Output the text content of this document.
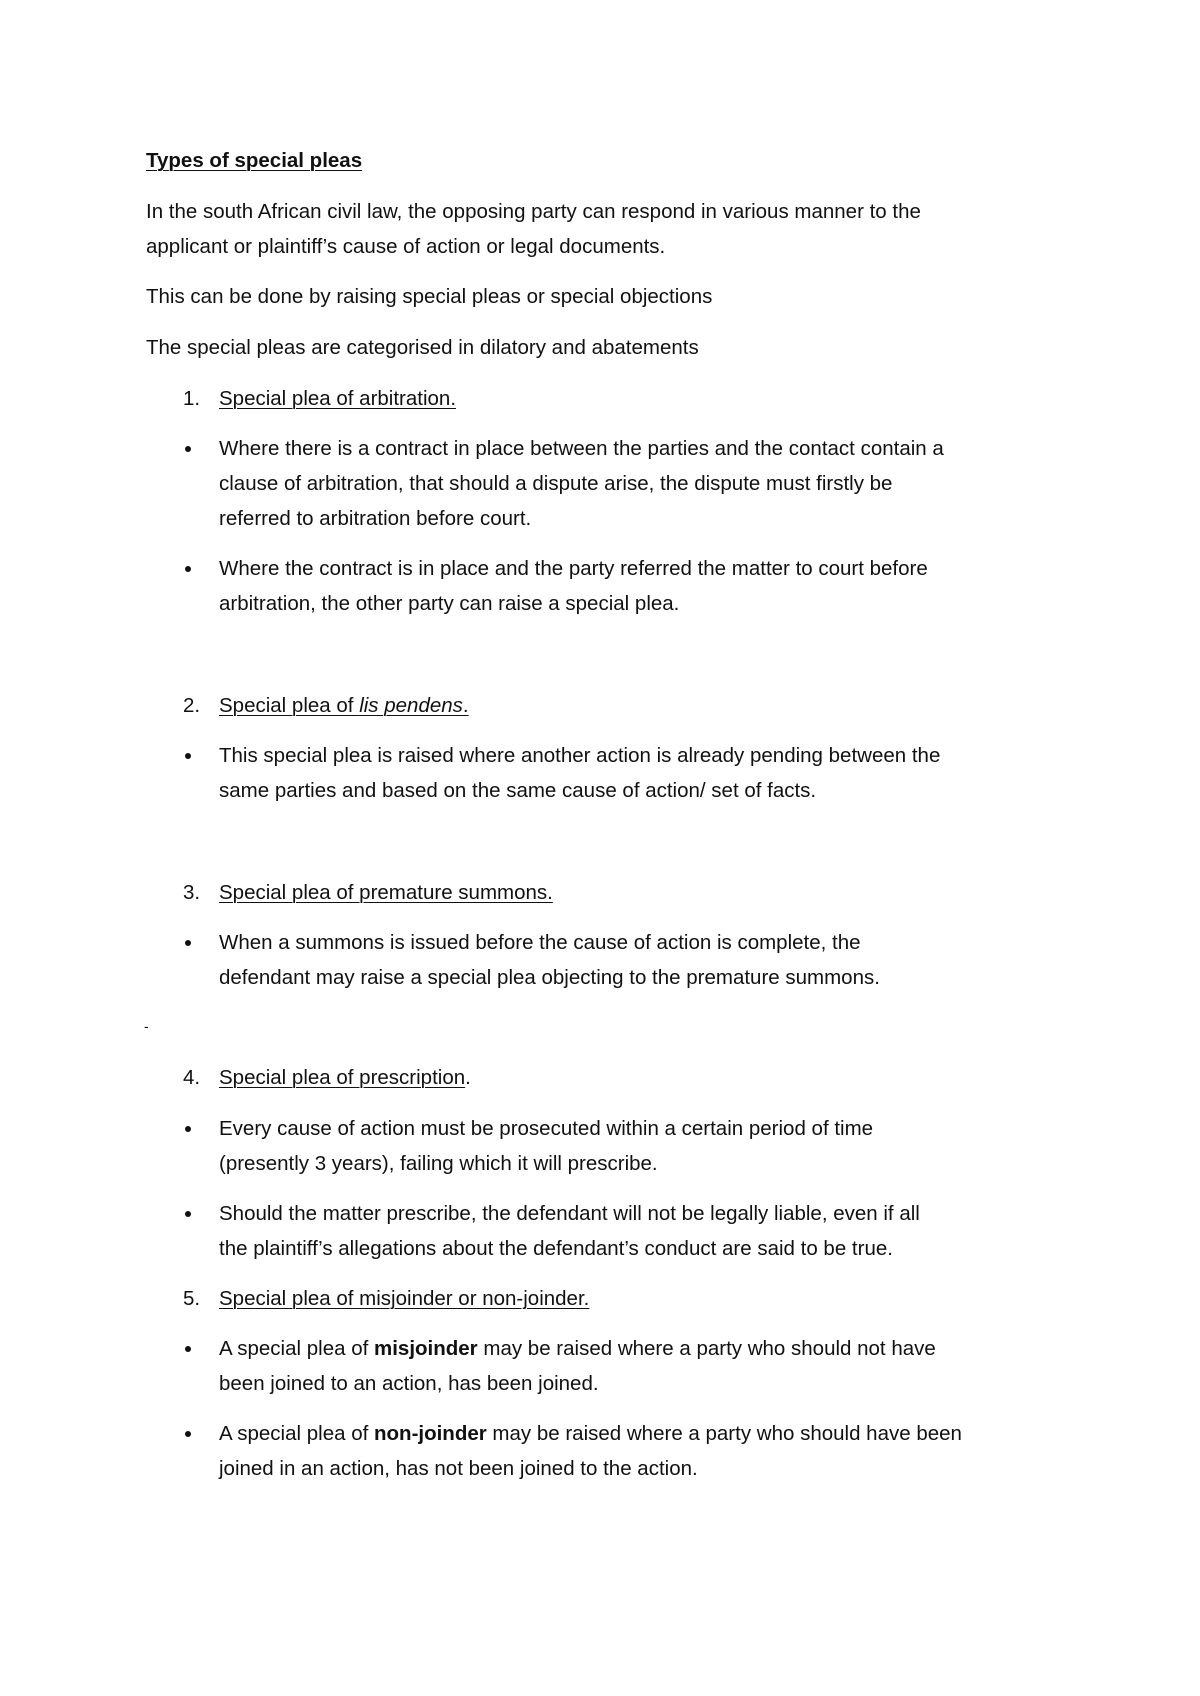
Types of special pleas
In the south African civil law, the opposing party can respond in various manner to the
applicant or plaintiff’s cause of action or legal documents.
This can be done by raising special pleas or special objections
The special pleas are categorised in dilatory and abatements
1. Special plea of arbitration.
Where there is a contract in place between the parties and the contact contain a
clause of arbitration, that should a dispute arise, the dispute must firstly be
referred to arbitration before court.
Where the contract is in place and the party referred the matter to court before
arbitration, the other party can raise a special plea.
2. Special plea of lis pendens.
This special plea is raised where another action is already pending between the
same parties and based on the same cause of action/ set of facts.
3. Special plea of premature summons.
When a summons is issued before the cause of action is complete, the
defendant may raise a special plea objecting to the premature summons.
-
4. Special plea of prescription.
Every cause of action must be prosecuted within a certain period of time
(presently 3 years), failing which it will prescribe.
Should the matter prescribe, the defendant will not be legally liable, even if all
the plaintiff’s allegations about the defendant’s conduct are said to be true.
5. Special plea of misjoinder or non-joinder.
A special plea of misjoinder may be raised where a party who should not have
been joined to an action, has been joined.
A special plea of non-joinder may be raised where a party who should have been
joined in an action, has not been joined to the action.
